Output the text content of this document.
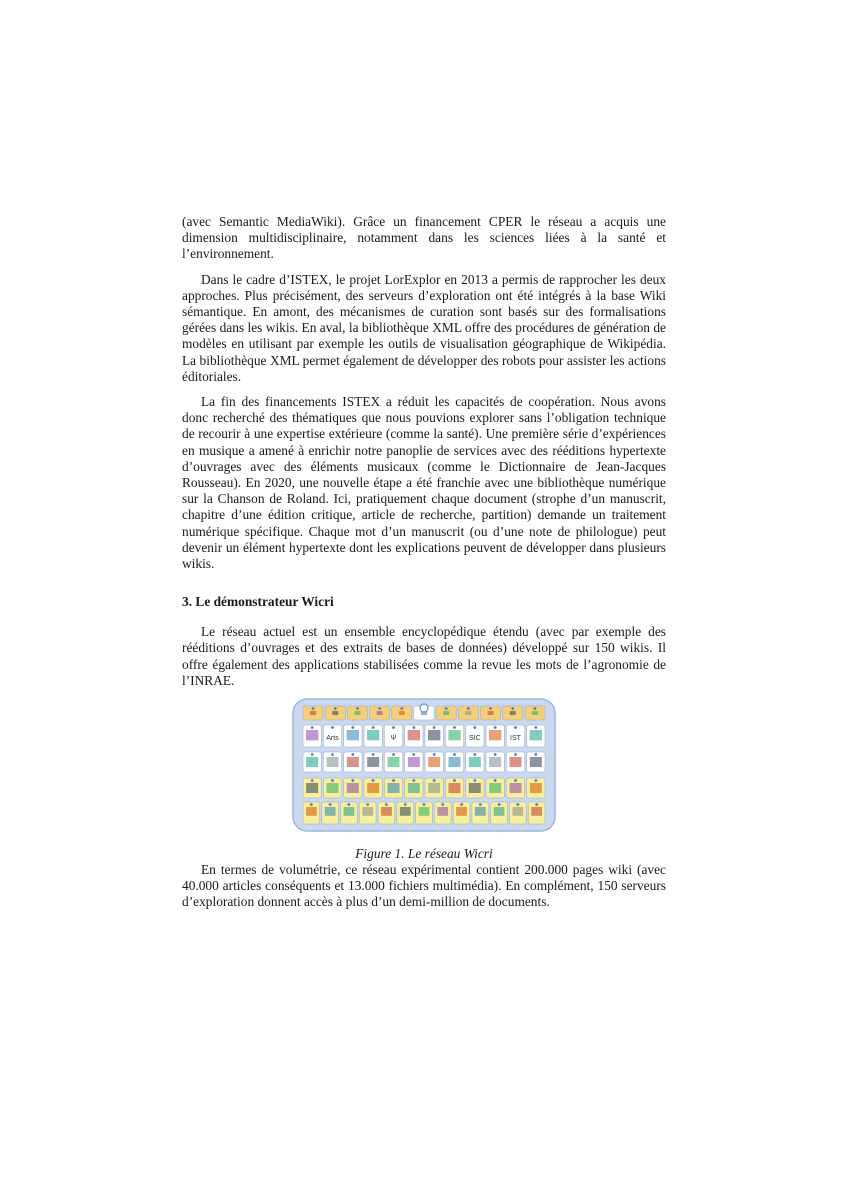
(avec Semantic MediaWiki). Grâce un financement CPER le réseau a acquis une dimension multidisciplinaire, notamment dans les sciences liées à la santé et l’environnement.

Dans le cadre d’ISTEX, le projet LorExplor en 2013 a permis de rapprocher les deux approches. Plus précisément, des serveurs d’exploration ont été intégrés à la base Wiki sémantique. En amont, des mécanismes de curation sont basés sur des formalisations gérées dans les wikis. En aval, la bibliothèque XML offre des procédures de génération de modèles en utilisant par exemple les outils de visualisation géographique de Wikipédia. La bibliothèque XML permet également de développer des robots pour assister les actions éditoriales.

La fin des financements ISTEX a réduit les capacités de coopération. Nous avons donc recherché des thématiques que nous pouvions explorer sans l’obligation technique de recourir à une expertise extérieure (comme la santé). Une première série d’expériences en musique a amené à enrichir notre panoplie de services avec des rééditions hypertexte d’ouvrages avec des éléments musicaux (comme le Dictionnaire de Jean-Jacques Rousseau). En 2020, une nouvelle étape a été franchie avec une bibliothèque numérique sur la Chanson de Roland. Ici, pratiquement chaque document (strophe d’un manuscrit, chapitre d’une édition critique, article de recherche, partition) demande un traitement numérique spécifique. Chaque mot d’un manuscrit (ou d’une note de philologue) peut devenir un élément hypertexte dont les explications peuvent de développer dans plusieurs wikis.

3. Le démonstrateur Wicri

Le réseau actuel est un ensemble encyclopédique étendu (avec par exemple des rééditions d’ouvrages et des extraits de bases de données) développé sur 150 wikis. Il offre également des applications stabilisées comme la revue les mots de l’agronomie de l’INRAE.

Arts	Ψ	SIC	IST
Figure 1. Le réseau Wicri

En termes de volumétrie, ce réseau expérimental contient 200.000 pages wiki (avec 40.000 articles conséquents et 13.000 fichiers multimédia). En complément, 150 serveurs d’exploration donnent accès à plus d’un demi-million de documents.
